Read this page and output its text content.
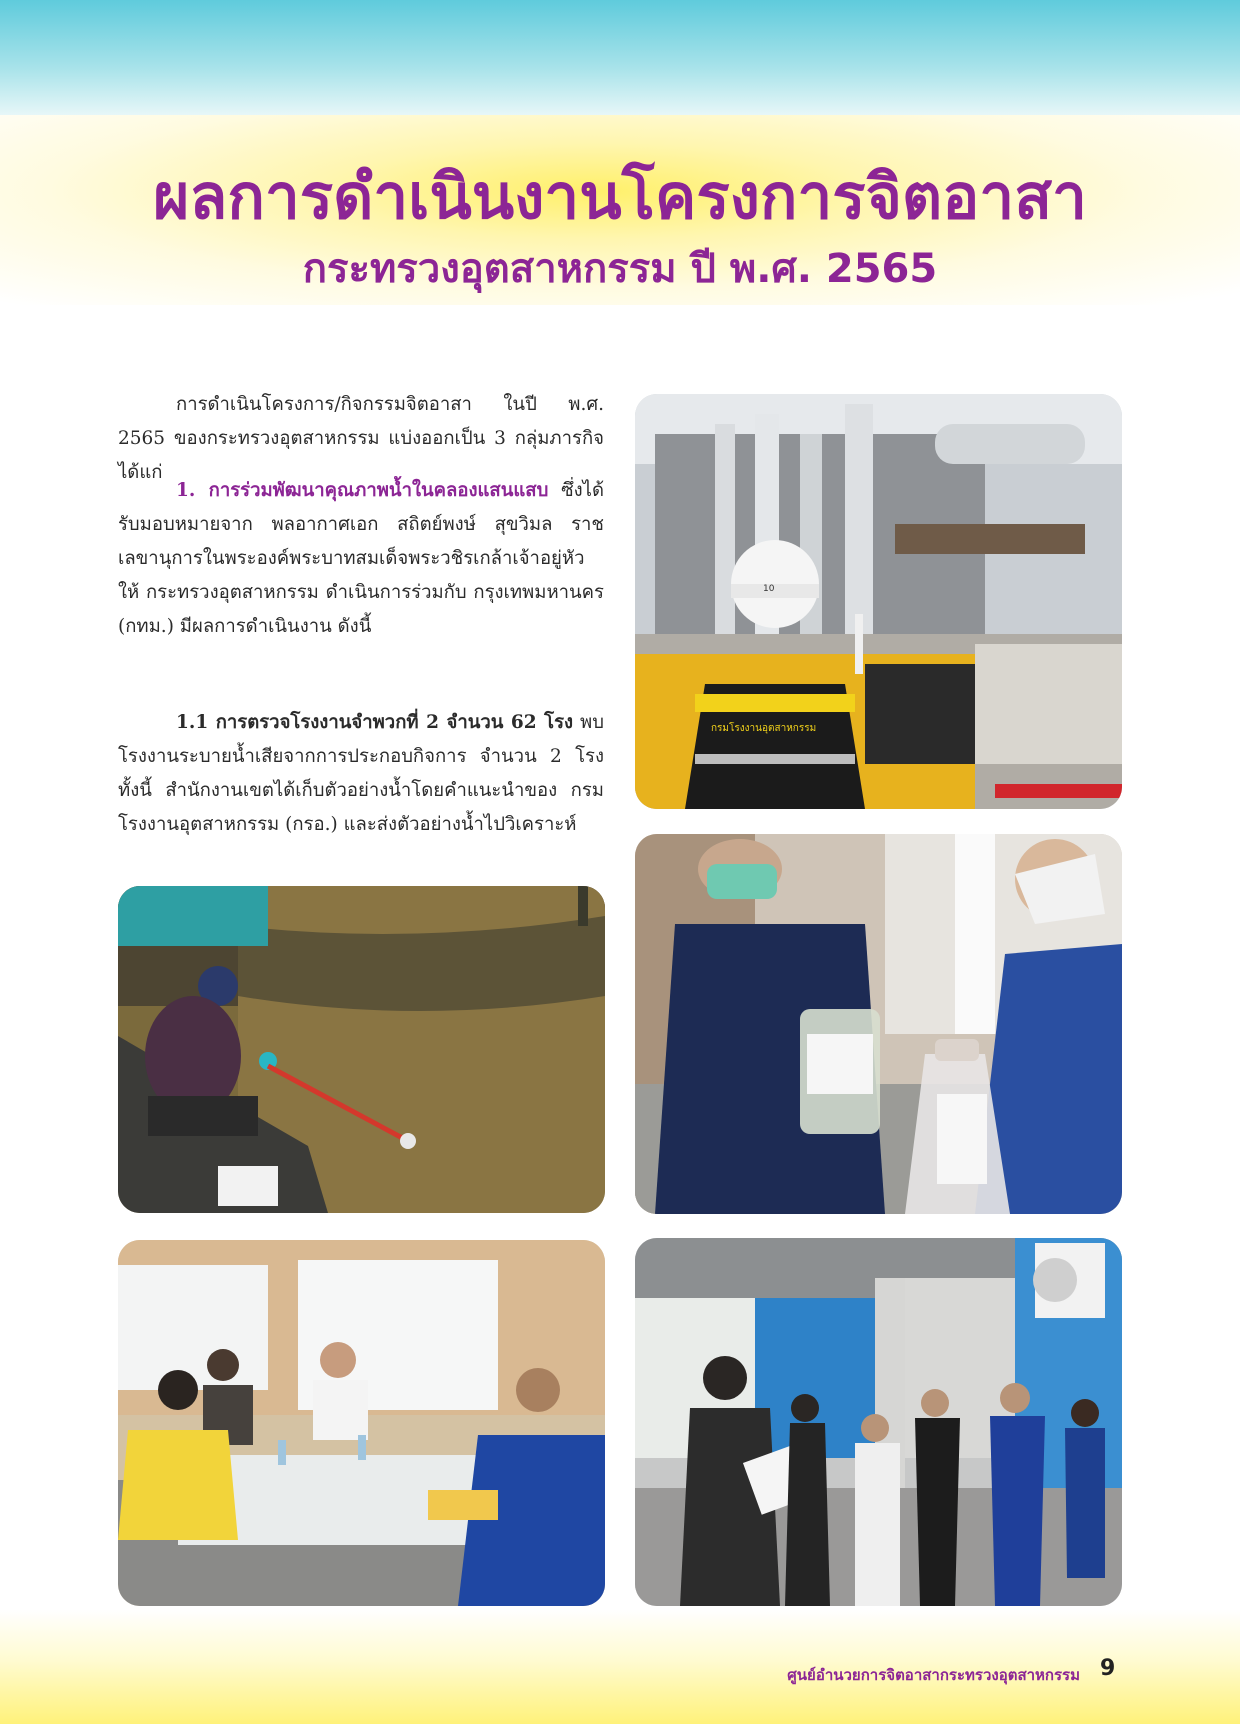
ผลการดำเนินงานโครงการจิตอาสา
กระทรวงอุตสาหกรรม ปี พ.ศ. 2565
การดำเนินโครงการ/กิจกรรมจิตอาสา ในปี พ.ศ. 2565 ของกระทรวงอุตสาหกรรม แบ่งออกเป็น 3 กลุ่มภารกิจ ได้แก่
1. การร่วมพัฒนาคุณภาพน้ำในคลองแสนแสบ ซึ่งได้รับมอบหมายจาก พลอากาศเอก สถิตย์พงษ์ สุขวิมล ราชเลขานุการในพระองค์พระบาทสมเด็จพระวชิรเกล้าเจ้าอยู่หัว ให้ กระทรวงอุตสาหกรรม ดำเนินการร่วมกับ กรุงเทพมหานคร (กทม.) มีผลการดำเนินงาน ดังนี้
1.1 การตรวจโรงงานจำพวกที่ 2 จำนวน 62 โรง พบโรงงานระบายน้ำเสียจากการประกอบกิจการ จำนวน 2 โรง ทั้งนี้ สำนักงานเขตได้เก็บตัวอย่างน้ำโดยคำแนะนำของ กรมโรงงานอุตสาหกรรม (กรอ.) และส่งตัวอย่างน้ำไปวิเคราะห์
10
กรมโรงงานอุตสาหกรรม
ศูนย์อำนวยการจิตอาสากระทรวงอุตสาหกรรม 9
